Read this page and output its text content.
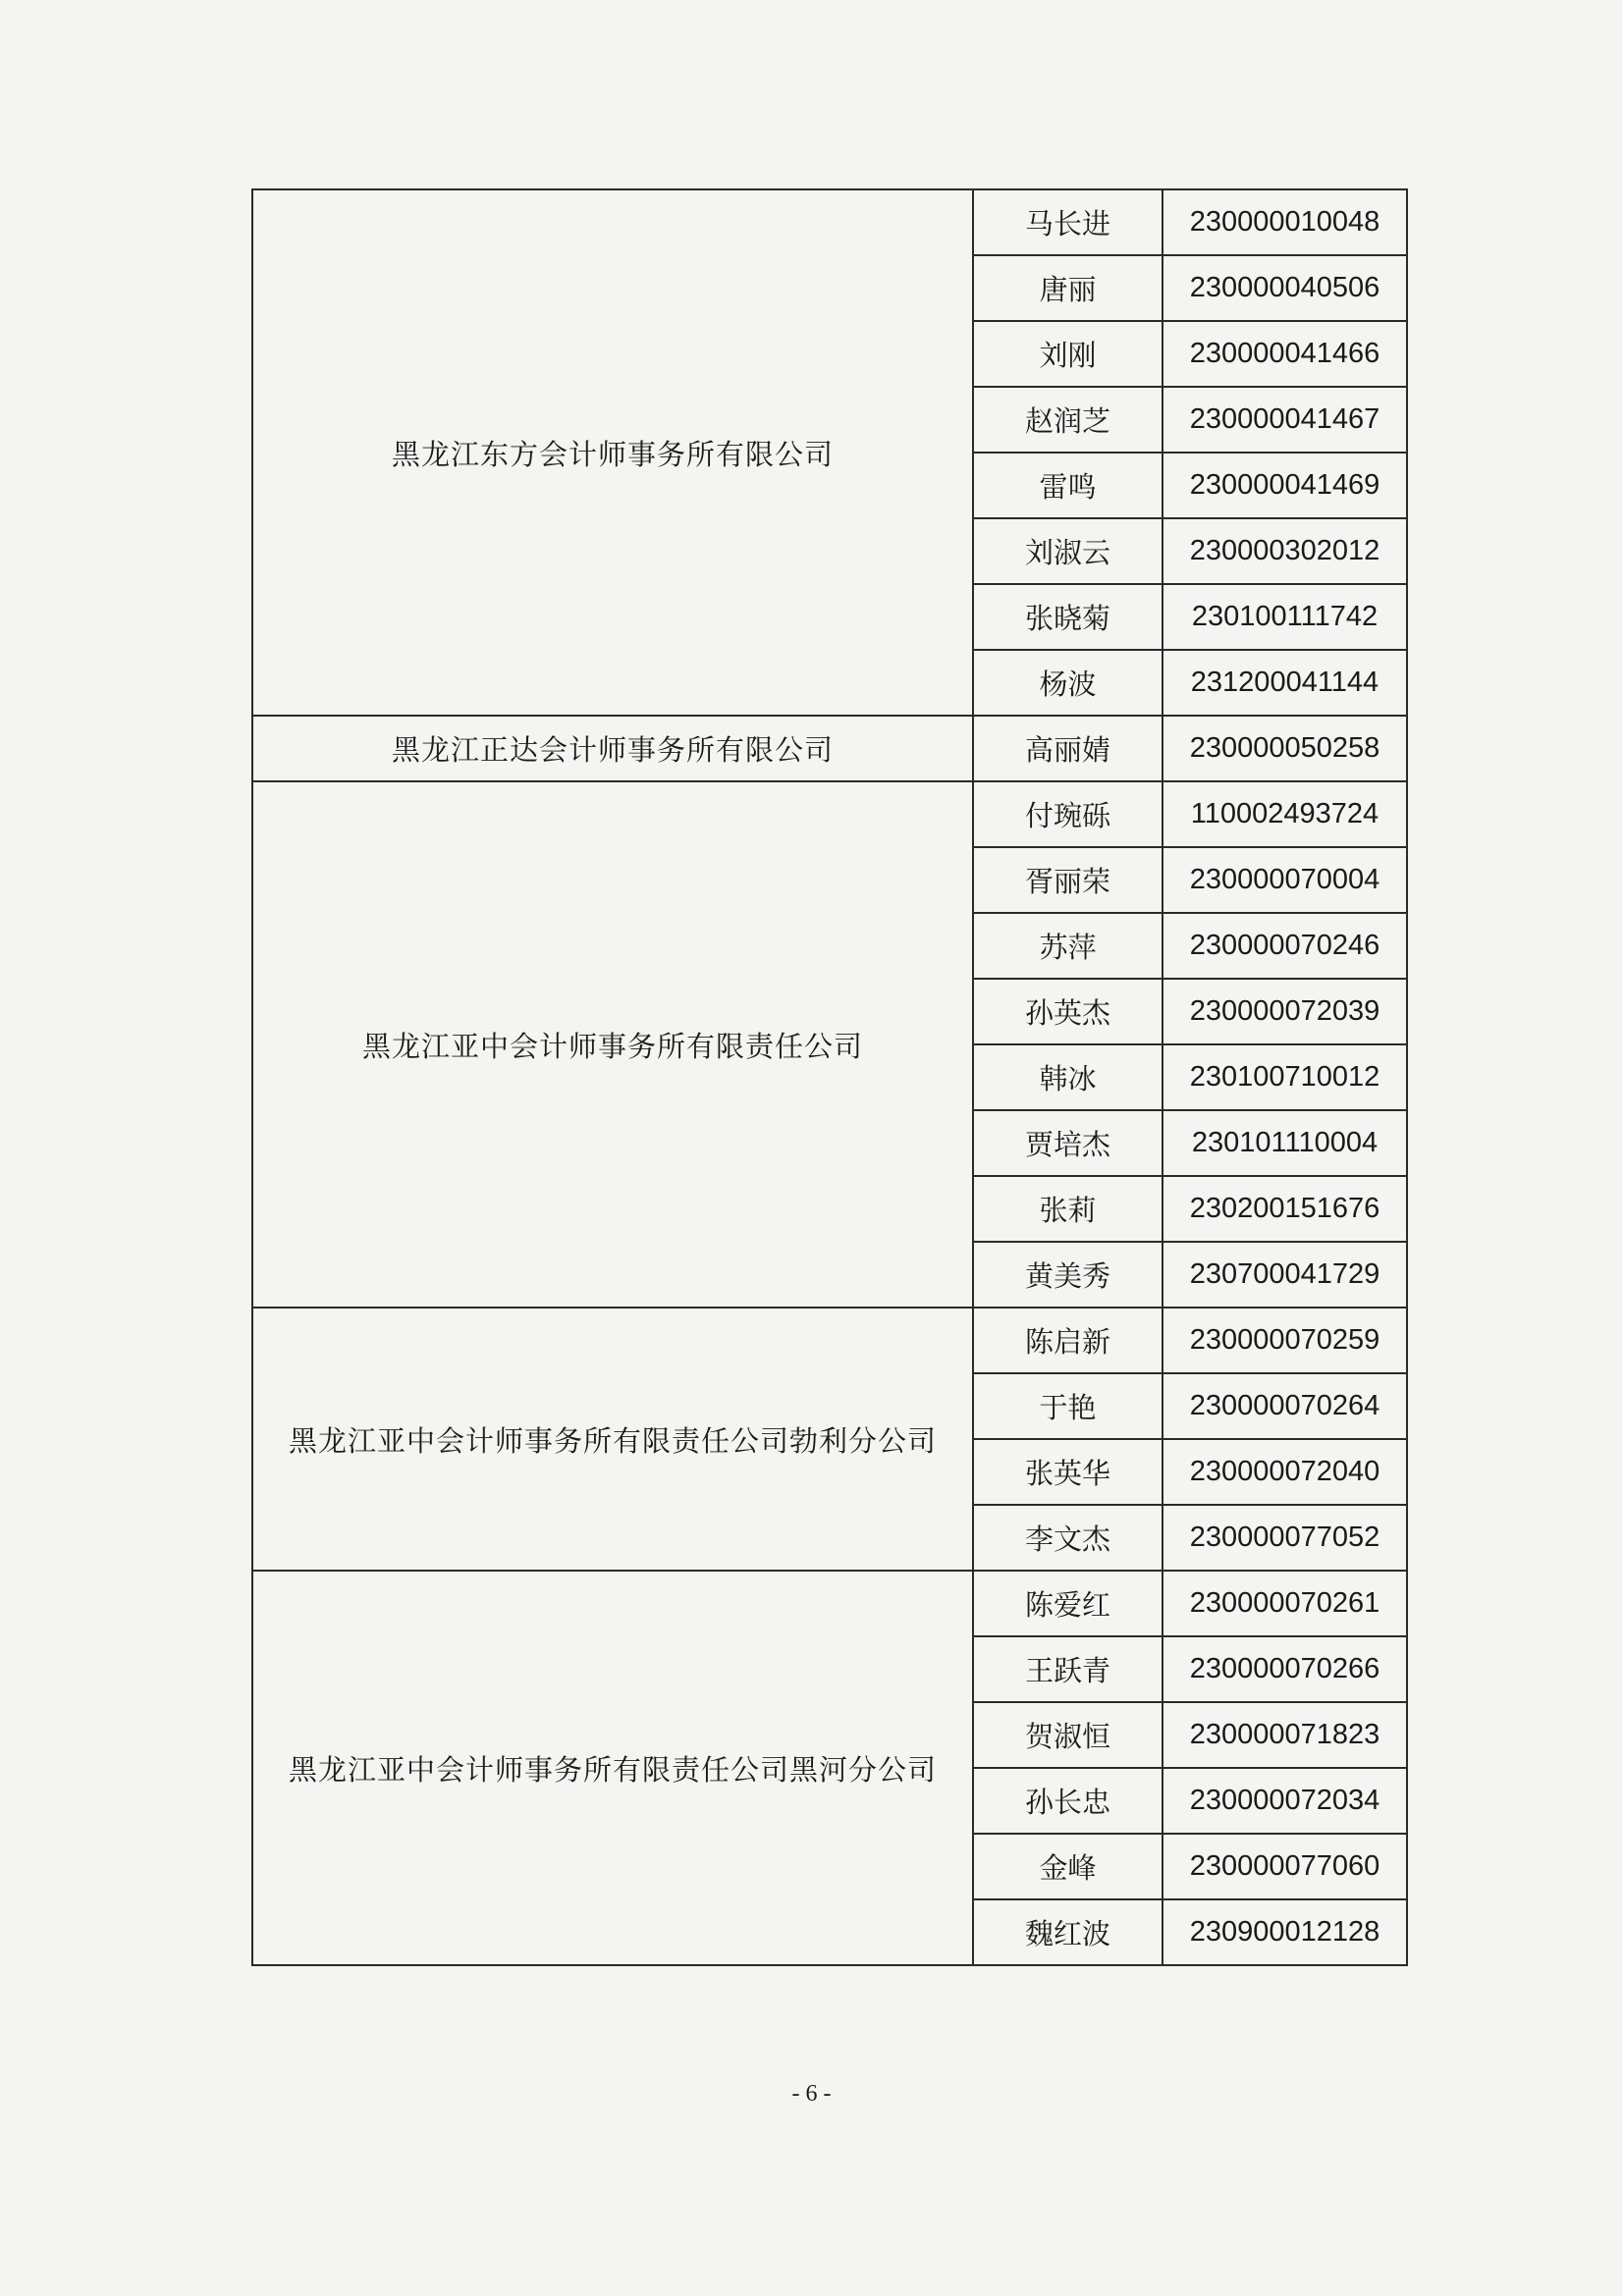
黑龙江东方会计师事务所有限公司	马长进	230000010048
	唐丽	230000040506
	刘刚	230000041466
	赵润芝	230000041467
	雷鸣	230000041469
	刘淑云	230000302012
	张晓菊	230100111742
	杨波	231200041144
黑龙江正达会计师事务所有限公司	高丽婧	230000050258
黑龙江亚中会计师事务所有限责任公司	付琬砾	110002493724
	胥丽荣	230000070004
	苏萍	230000070246
	孙英杰	230000072039
	韩冰	230100710012
	贾培杰	230101110004
	张莉	230200151676
	黄美秀	230700041729
黑龙江亚中会计师事务所有限责任公司勃利分公司	陈启新	230000070259
	于艳	230000070264
	张英华	230000072040
	李文杰	230000077052
黑龙江亚中会计师事务所有限责任公司黑河分公司	陈爱红	230000070261
	王跃青	230000070266
	贺淑恒	230000071823
	孙长忠	230000072034
	金峰	230000077060
	魏红波	230900012128
- 6 -
